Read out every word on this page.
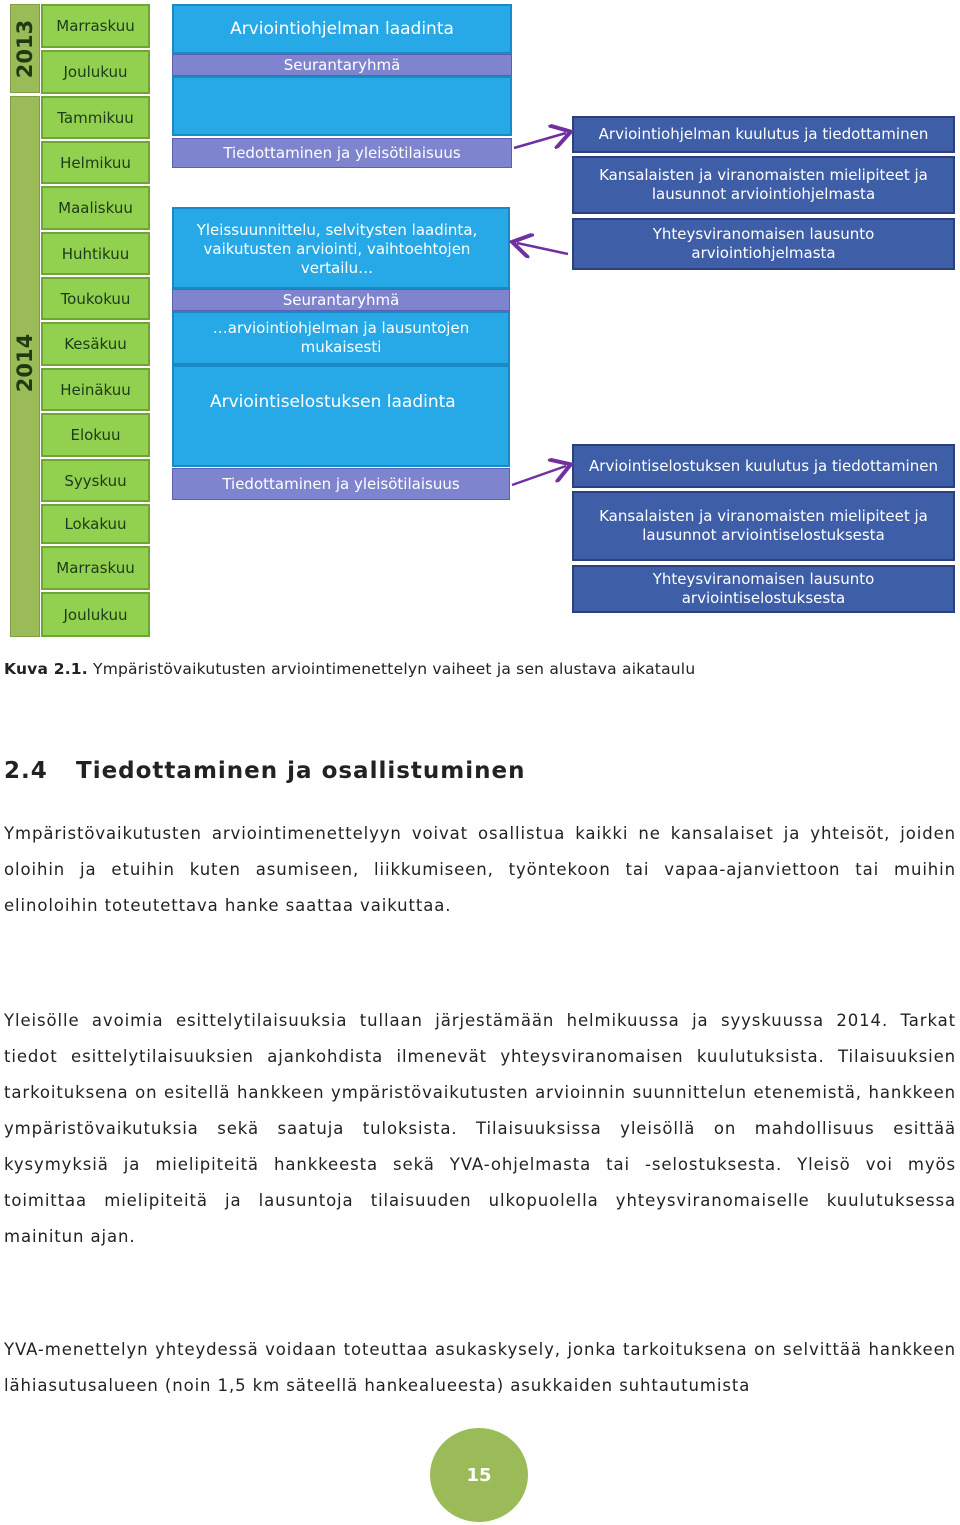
2013
2014
Marraskuu
Joulukuu
Tammikuu
Helmikuu
Maaliskuu
Huhtikuu
Toukokuu
Kesäkuu
Heinäkuu
Elokuu
Syyskuu
Lokakuu
Marraskuu
Joulukuu
Arviointiohjelman laadinta
Seurantaryhmä
Tiedottaminen ja yleisötilaisuus
Yleissuunnittelu, selvitysten laadinta, vaikutusten arviointi, vaihtoehtojen vertailu…
Seurantaryhmä
…arviointiohjelman ja lausuntojen mukaisesti
Arviointiselostuksen laadinta
Tiedottaminen ja yleisötilaisuus
Arviointiohjelman kuulutus ja tiedottaminen
Kansalaisten ja viranomaisten mielipiteet ja lausunnot arviointiohjelmasta
Yhteysviranomaisen lausunto arviointiohjelmasta
Arviointiselostuksen kuulutus ja tiedottaminen
Kansalaisten ja viranomaisten mielipiteet ja lausunnot arviointiselostuksesta
Yhteysviranomaisen lausunto arviointiselostuksesta
Kuva 2.1. Ympäristövaikutusten arviointimenettelyn vaiheet ja sen alustava aikataulu
2.4 Tiedottaminen ja osallistuminen

Ympäristövaikutusten arviointimenettelyyn voivat osallistua kaikki ne kansalaiset ja yhteisöt, joiden oloihin ja etuihin kuten asumiseen, liikkumiseen, työntekoon tai vapaa-ajanviettoon tai muihin elinoloihin toteutettava hanke saattaa vaikuttaa.

Yleisölle avoimia esittelytilaisuuksia tullaan järjestämään helmikuussa ja syyskuussa 2014. Tarkat tiedot esittelytilaisuuksien ajankohdista ilmenevät yhteysviranomaisen kuulutuksista. Tilaisuuksien tarkoituksena on esitellä hankkeen ympäristövaikutusten arvioinnin suunnittelun etenemistä, hankkeen ympäristövaikutuksia sekä saatuja tuloksista. Tilaisuuksissa yleisöllä on mahdollisuus esittää kysymyksiä ja mielipiteitä hankkeesta sekä YVA-ohjelmasta tai -selostuksesta. Yleisö voi myös toimittaa mielipiteitä ja lausuntoja tilaisuuden ulkopuolella yhteysviranomaiselle kuulutuksessa mainitun ajan.

YVA-menettelyn yhteydessä voidaan toteuttaa asukaskysely, jonka tarkoituksena on selvittää hankkeen lähiasutusalueen (noin 1,5 km säteellä hankealueesta) asukkaiden suhtautumista

15
